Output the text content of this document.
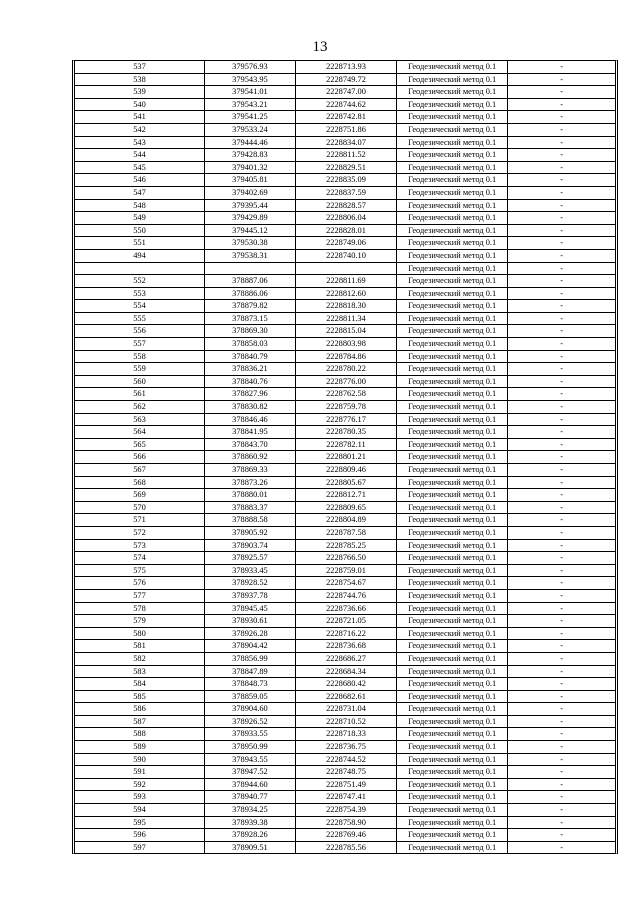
13
537	379576.93	2228713.93	Геодезический метод 0.1	-
538	379543.95	2228749.72	Геодезический метод 0.1	-
539	379541.01	2228747.00	Геодезический метод 0.1	-
540	379543.21	2228744.62	Геодезический метод 0.1	-
541	379541.25	2228742.81	Геодезический метод 0.1	-
542	379533.24	2228751.86	Геодезический метод 0.1	-
543	379444.46	2228834.07	Геодезический метод 0.1	-
544	379428.83	2228811.52	Геодезический метод 0.1	-
545	379401.32	2228829.51	Геодезический метод 0.1	-
546	379405.81	2228835.09	Геодезический метод 0.1	-
547	379402.69	2228837.59	Геодезический метод 0.1	-
548	379395.44	2228828.57	Геодезический метод 0.1	-
549	379429.89	2228806.04	Геодезический метод 0.1	-
550	379445.12	2228828.01	Геодезический метод 0.1	-
551	379530.38	2228749.06	Геодезический метод 0.1	-
494	379538.31	2228740.10	Геодезический метод 0.1	-
			Геодезический метод 0.1	-
552	378887.06	2228811.69	Геодезический метод 0.1	-
553	378886.06	2228812.60	Геодезический метод 0.1	-
554	378879.82	2228818.30	Геодезический метод 0.1	-
555	378873.15	2228811.34	Геодезический метод 0.1	-
556	378869.30	2228815.04	Геодезический метод 0.1	-
557	378858.03	2228803.98	Геодезический метод 0.1	-
558	378840.79	2228784.86	Геодезический метод 0.1	-
559	378836.21	2228780.22	Геодезический метод 0.1	-
560	378840.76	2228776.00	Геодезический метод 0.1	-
561	378827.96	2228762.58	Геодезический метод 0.1	-
562	378830.82	2228759.78	Геодезический метод 0.1	-
563	378846.46	2228776.17	Геодезический метод 0.1	-
564	378841.95	2228780.35	Геодезический метод 0.1	-
565	378843.70	2228782.11	Геодезический метод 0.1	-
566	378860.92	2228801.21	Геодезический метод 0.1	-
567	378869.33	2228809.46	Геодезический метод 0.1	-
568	378873.26	2228805.67	Геодезический метод 0.1	-
569	378880.01	2228812.71	Геодезический метод 0.1	-
570	378883.37	2228809.65	Геодезический метод 0.1	-
571	378888.58	2228804.89	Геодезический метод 0.1	-
572	378905.92	2228787.58	Геодезический метод 0.1	-
573	378903.74	2228785.25	Геодезический метод 0.1	-
574	378925.57	2228766.50	Геодезический метод 0.1	-
575	378933.45	2228759.01	Геодезический метод 0.1	-
576	378928.52	2228754.67	Геодезический метод 0.1	-
577	378937.78	2228744.76	Геодезический метод 0.1	-
578	378945.45	2228736.66	Геодезический метод 0.1	-
579	378930.61	2228721.05	Геодезический метод 0.1	-
580	378926.28	2228716.22	Геодезический метод 0.1	-
581	378904.42	2228736.68	Геодезический метод 0.1	-
582	378856.99	2228686.27	Геодезический метод 0.1	-
583	378847.89	2228684.34	Геодезический метод 0.1	-
584	378848.73	2228680.42	Геодезический метод 0.1	-
585	378859.05	2228682.61	Геодезический метод 0.1	-
586	378904.60	2228731.04	Геодезический метод 0.1	-
587	378926.52	2228710.52	Геодезический метод 0.1	-
588	378933.55	2228718.33	Геодезический метод 0.1	-
589	378950.99	2228736.75	Геодезический метод 0.1	-
590	378943.55	2228744.52	Геодезический метод 0.1	-
591	378947.52	2228748.75	Геодезический метод 0.1	-
592	378944.60	2228751.49	Геодезический метод 0.1	-
593	378940.77	2228747.41	Геодезический метод 0.1	-
594	378934.25	2228754.39	Геодезический метод 0.1	-
595	378939.38	2228758.90	Геодезический метод 0.1	-
596	378928.26	2228769.46	Геодезический метод 0.1	-
597	378909.51	2228785.56	Геодезический метод 0.1	-
